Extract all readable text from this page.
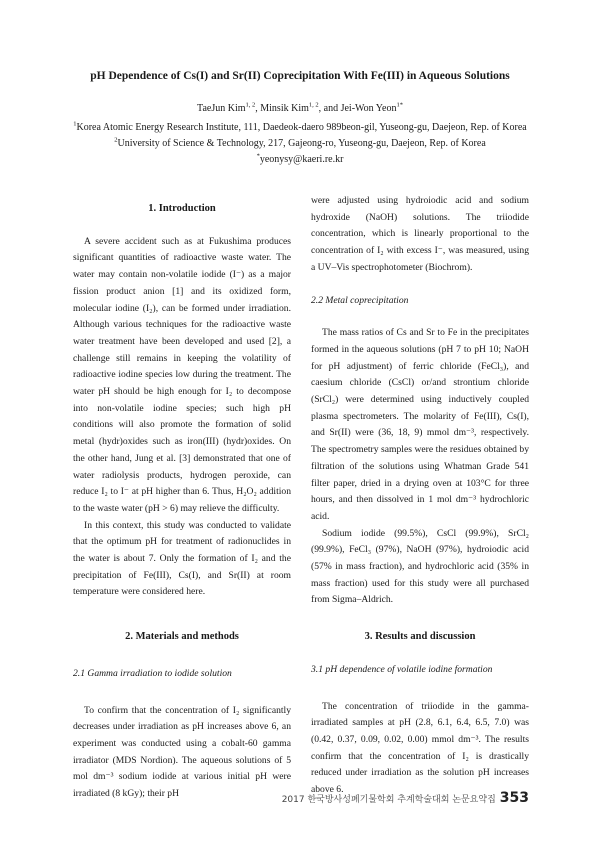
pH Dependence of Cs(I) and Sr(II) Coprecipitation With Fe(III) in Aqueous Solutions
TaeJun Kim$^{1, 2}$, Minsik Kim$^{1, 2}$, and Jei-Won Yeon$^{1*}$
$^1$Korea Atomic Energy Research Institute, 111, Daedeok-daero 989beon-gil, Yuseong-gu, Daejeon, Rep. of Korea
$^2$University of Science & Technology, 217, Gajeong-ro, Yuseong-gu, Daejeon, Rep. of Korea
*yeonysy@kaeri.re.kr
1. Introduction

A severe accident such as at Fukushima produces significant quantities of radioactive waste water. The water may contain non-volatile iodide (I⁻) as a major fission product anion [1] and its oxidized form, molecular iodine (I₂), can be formed under irradiation. Although various techniques for the radioactive waste water treatment have been developed and used [2], a challenge still remains in keeping the volatility of radioactive iodine species low during the treatment. The water pH should be high enough for I₂ to decompose into non-volatile iodine species; such high pH conditions will also promote the formation of solid metal (hydr)oxides such as iron(III) (hydr)oxides. On the other hand, Jung et al. [3] demonstrated that one of water radiolysis products, hydrogen peroxide, can reduce I₂ to I⁻ at pH higher than 6. Thus, H₂O₂ addition to the waste water (pH > 6) may relieve the difficulty.

In this context, this study was conducted to validate that the optimum pH for treatment of radionuclides in the water is about 7. Only the formation of I₂ and the precipitation of Fe(III), Cs(I), and Sr(II) at room temperature were considered here.

2. Materials and methods
2.1 Gamma irradiation to iodide solution

To confirm that the concentration of I₂ significantly decreases under irradiation as pH increases above 6, an experiment was conducted using a cobalt-60 gamma irradiator (MDS Nordion). The aqueous solutions of 5 mol dm⁻³ sodium iodide at various initial pH were irradiated (8 kGy); their pH

were adjusted using hydroiodic acid and sodium hydroxide (NaOH) solutions. The triiodide concentration, which is linearly proportional to the concentration of I₂ with excess I⁻, was measured, using a UV–Vis spectrophotometer (Biochrom).

2.2 Metal coprecipitation

The mass ratios of Cs and Sr to Fe in the precipitates formed in the aqueous solutions (pH 7 to pH 10; NaOH for pH adjustment) of ferric chloride (FeCl₃), and caesium chloride (CsCl) or/and strontium chloride (SrCl₂) were determined using inductively coupled plasma spectrometers. The molarity of Fe(III), Cs(I), and Sr(II) were (36, 18, 9) mmol dm⁻³, respectively. The spectrometry samples were the residues obtained by filtration of the solutions using Whatman Grade 541 filter paper, dried in a drying oven at 103°C for three hours, and then dissolved in 1 mol dm⁻³ hydrochloric acid.

Sodium iodide (99.5%), CsCl (99.9%), SrCl₂ (99.9%), FeCl₃ (97%), NaOH (97%), hydroiodic acid (57% in mass fraction), and hydrochloric acid (35% in mass fraction) used for this study were all purchased from Sigma–Aldrich.

3. Results and discussion
3.1 pH dependence of volatile iodine formation

The concentration of triiodide in the gamma-irradiated samples at pH (2.8, 6.1, 6.4, 6.5, 7.0) was (0.42, 0.37, 0.09, 0.02, 0.00) mmol dm⁻³. The results confirm that the concentration of I₂ is drastically reduced under irradiation as the solution pH increases above 6.

2017 한국방사성폐기물학회 추계학술대회 논문요약집 353
